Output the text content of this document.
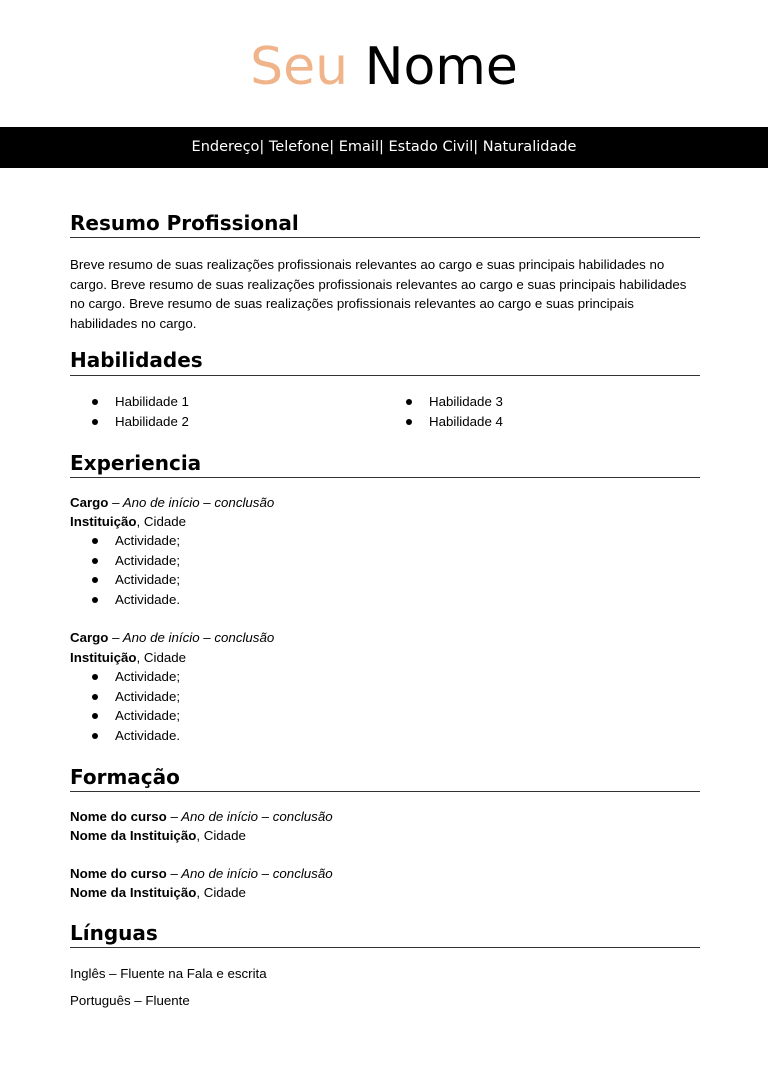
Seu Nome
Endereço| Telefone| Email| Estado Civil| Naturalidade
Resumo Profissional
Breve resumo de suas realizações profissionais relevantes ao cargo e suas principais habilidades no cargo. Breve resumo de suas realizações profissionais relevantes ao cargo e suas principais habilidades no cargo. Breve resumo de suas realizações profissionais relevantes ao cargo e suas principais habilidades no cargo.
Habilidades
Habilidade 1
Habilidade 2
Habilidade 3
Habilidade 4
Experiencia
Cargo – Ano de início – conclusão
Instituição, Cidade
Actividade;
Actividade;
Actividade;
Actividade.
Cargo – Ano de início – conclusão
Instituição, Cidade
Actividade;
Actividade;
Actividade;
Actividade.
Formação
Nome do curso – Ano de início – conclusão
Nome da Instituição, Cidade
Nome do curso – Ano de início – conclusão
Nome da Instituição, Cidade
Línguas
Inglês – Fluente na Fala e escrita
Português – Fluente
